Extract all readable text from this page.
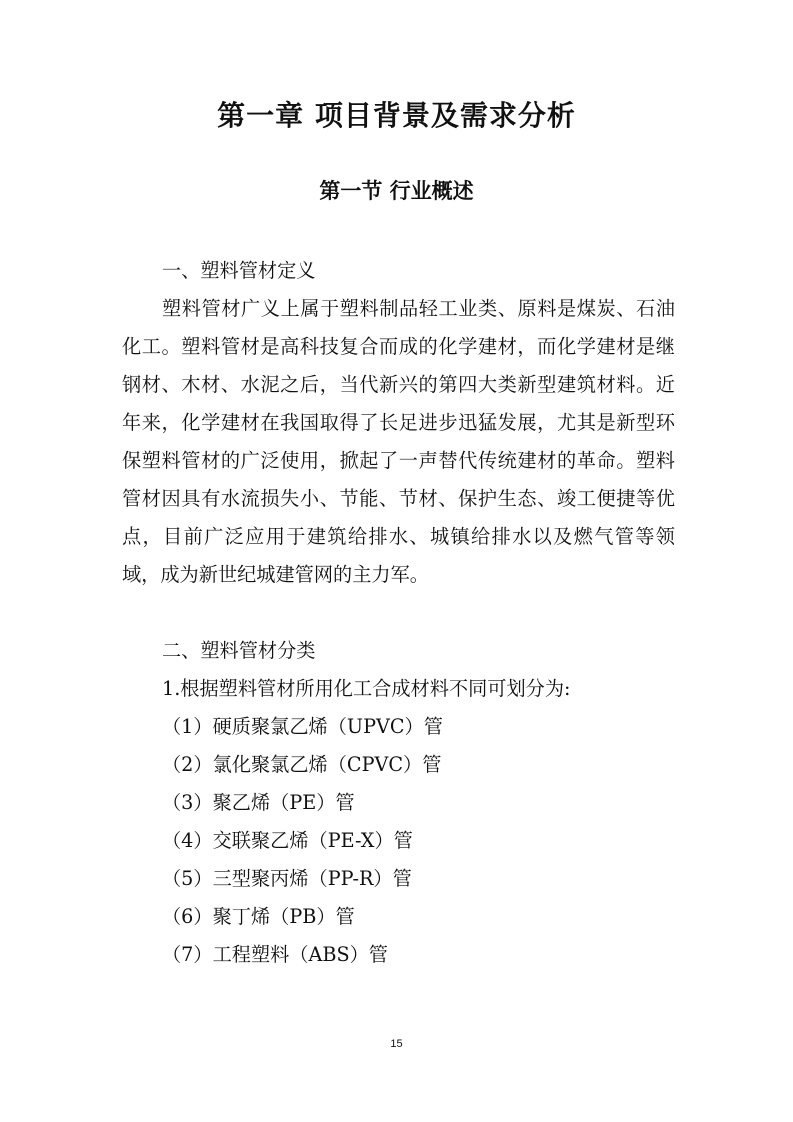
第一章 项目背景及需求分析
第一节 行业概述
一、塑料管材定义
塑料管材广义上属于塑料制品轻工业类、原料是煤炭、石油化工。塑料管材是高科技复合而成的化学建材，而化学建材是继钢材、木材、水泥之后，当代新兴的第四大类新型建筑材料。近年来，化学建材在我国取得了长足进步迅猛发展，尤其是新型环保塑料管材的广泛使用，掀起了一声替代传统建材的革命。塑料管材因具有水流损失小、节能、节材、保护生态、竣工便捷等优点，目前广泛应用于建筑给排水、城镇给排水以及燃气管等领域，成为新世纪城建管网的主力军。
二、塑料管材分类
1.根据塑料管材所用化工合成材料不同可划分为:
（1）硬质聚氯乙烯（UPVC）管
（2）氯化聚氯乙烯（CPVC）管
（3）聚乙烯（PE）管
（4）交联聚乙烯（PE-X）管
（5）三型聚丙烯（PP-R）管
（6）聚丁烯（PB）管
（7）工程塑料（ABS）管
15
